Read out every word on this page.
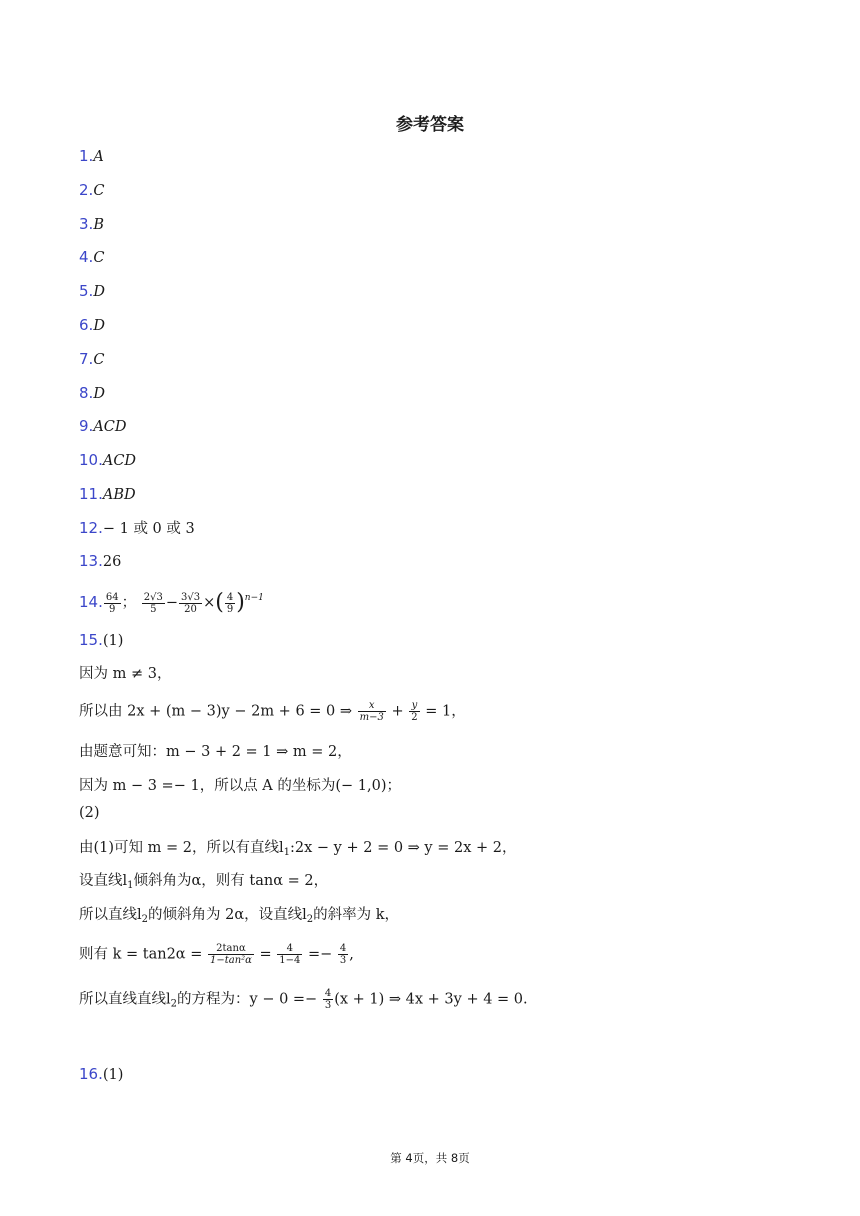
参考答案
1.A
2.C
3.B
4.C
5.D
6.D
7.C
8.D
9.ACD
10.ACD
11.ABD
12.− 1 或 0 或 3
13.26
14. $\frac{64}{9}$ ； $\frac{2√3}{5} - \frac{3√3}{20}$ ×( $\frac{4}{9} )^{n-1}$
15.(1)
因为 m ≠ 3，
所以由 2x + (m − 3)y − 2m + 6 = 0 ⇒ $\frac{x}{m-3} + \frac{y}{2} = 1$，
由题意可知：m − 3 + 2 = 1 ⇒ m = 2，
因为 m − 3 =− 1，所以点 A 的坐标为(− 1,0)；
(2)
由(1)可知 m = 2，所以有直线$l_1:2x - y + 2 = 0$ ⇒ y = 2x + 2，
设直线$l_1$倾斜角为α，则有 tanα = 2，
所以直线$l_2$的倾斜角为 2α，设直线$l_2$的斜率为 k，
则有 $k = \tan 2\alpha = \frac{2\tan\alpha}{\text{1−tan²α}} = \frac{4}{1-4} =- \frac{4}{3}$ ,
所以直线直线$l_2$的方程为：$y - 0 =- \frac{4}{3} (x + 1)$ ⇒ 4x + 3y + 4 = 0.
16.(1)
第 4页，共 8页
